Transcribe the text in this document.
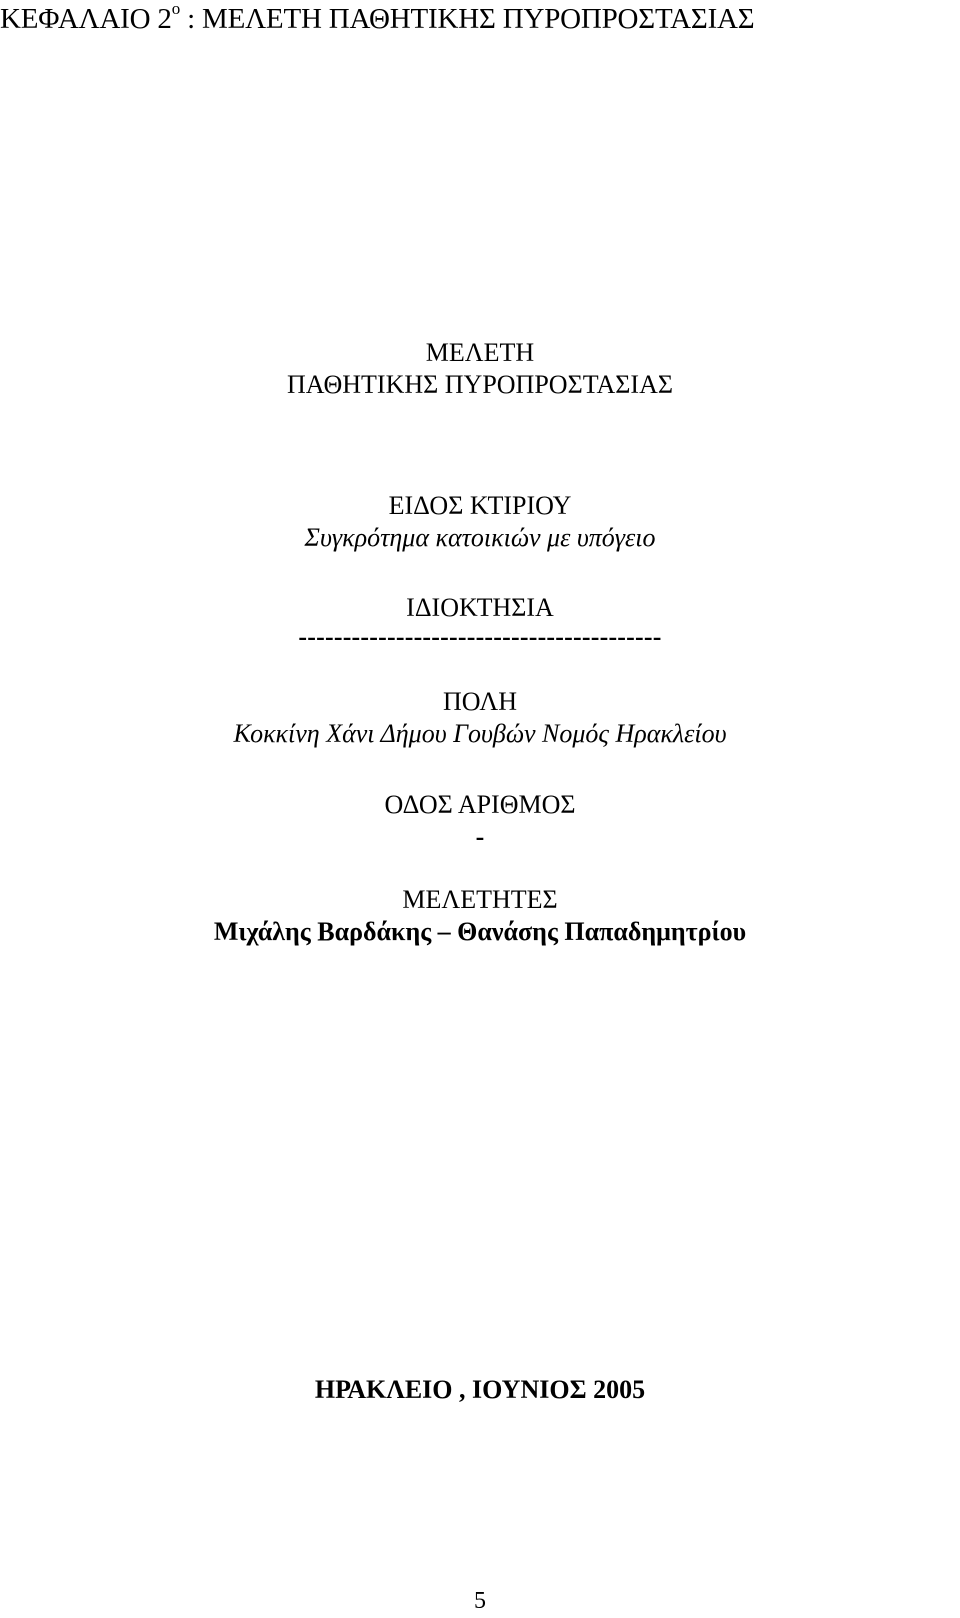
ΚΕΦΑΛΑΙΟ $2^o$ : ΜΕΛΕΤΗ ΠΑΘΗΤΙΚΗΣ ΠΥΡΟΠΡΟΣΤΑΣΙΑΣ
ΜΕΛΕΤΗ
ΠΑΘΗΤΙΚΗΣ ΠΥΡΟΠΡΟΣΤΑΣΙΑΣ
ΕΙΔΟΣ ΚΤΙΡΙΟΥ
Συγκρότημα κατοικιών με υπόγειο
ΙΔΙΟΚΤΗΣΙΑ
-----------------------------------------
ΠΟΛΗ
Κοκκίνη Χάνι Δήμου Γουβών Νομός Ηρακλείου
ΟΔΟΣ ΑΡΙΘΜΟΣ
-
ΜΕΛΕΤΗΤΕΣ
Μιχάλης Βαρδάκης – Θανάσης Παπαδημητρίου
ΗΡΑΚΛΕΙΟ , ΙΟΥΝΙΟΣ 2005
5
